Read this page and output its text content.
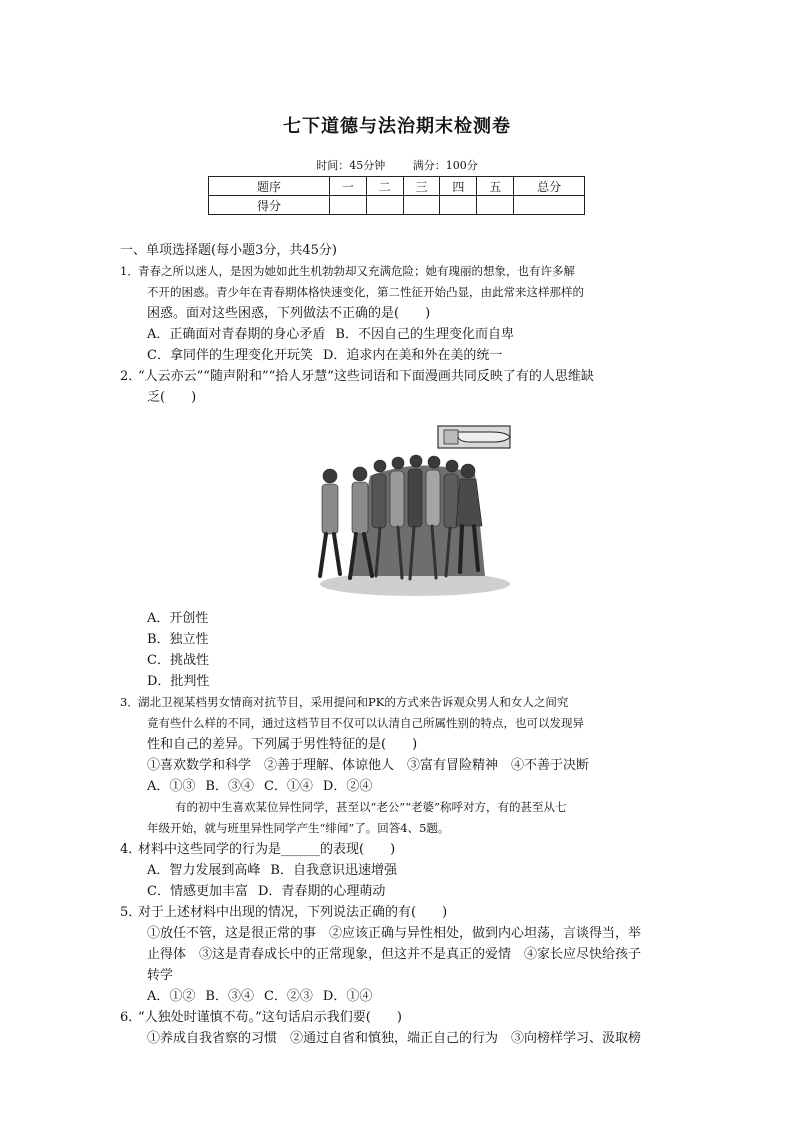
七下道德与法治期末检测卷
时间：45分钟	满分：100分
题序	一	二	三	四	五	总分
得分						

一、单项选择题(每小题3分，共45分)

1．青春之所以迷人，是因为她如此生机勃勃却又充满危险；她有瑰丽的想象，也有许多解

不开的困惑。青少年在青春期体格快速变化，第二性征开始凸显，由此常来这样那样的

困惑。面对这些困惑，下列做法不正确的是(　　)

A．正确面对青春期的身心矛盾 B．不因自己的生理变化而自卑

C．拿同伴的生理变化开玩笑 D．追求内在美和外在美的统一

2．“人云亦云”“随声附和”“拾人牙慧”这些词语和下面漫画共同反映了有的人思维缺

乏(　　)

A．开创性

B．独立性

C．挑战性

D．批判性

3．湖北卫视某档男女情商对抗节目，采用提问和PK的方式来告诉观众男人和女人之间究

竟有些什么样的不同，通过这档节目不仅可以认清自己所属性别的特点，也可以发现异

性和自己的差异。下列属于男性特征的是(　　)

①喜欢数学和科学　②善于理解、体谅他人　③富有冒险精神　④不善于决断

A．①③ B．③④ C．①④ D．②④

有的初中生喜欢某位异性同学，甚至以“老公”“老婆”称呼对方，有的甚至从七

年级开始，就与班里异性同学产生“绯闻”了。回答4、5题。

4．材料中这些同学的行为是______的表现(　　)

A．智力发展到高峰 B．自我意识迅速增强

C．情感更加丰富 D．青春期的心理萌动

5．对于上述材料中出现的情况，下列说法正确的有(　　)

①放任不管，这是很正常的事　②应该正确与异性相处，做到内心坦荡，言谈得当，举

止得体　③这是青春成长中的正常现象，但这并不是真正的爱情　④家长应尽快给孩子

转学

A．①② B．③④ C．②③ D．①④

6．“人独处时谨慎不苟。”这句话启示我们要(　　)

①养成自我省察的习惯　②通过自省和慎独，端正自己的行为　③向榜样学习、汲取榜
